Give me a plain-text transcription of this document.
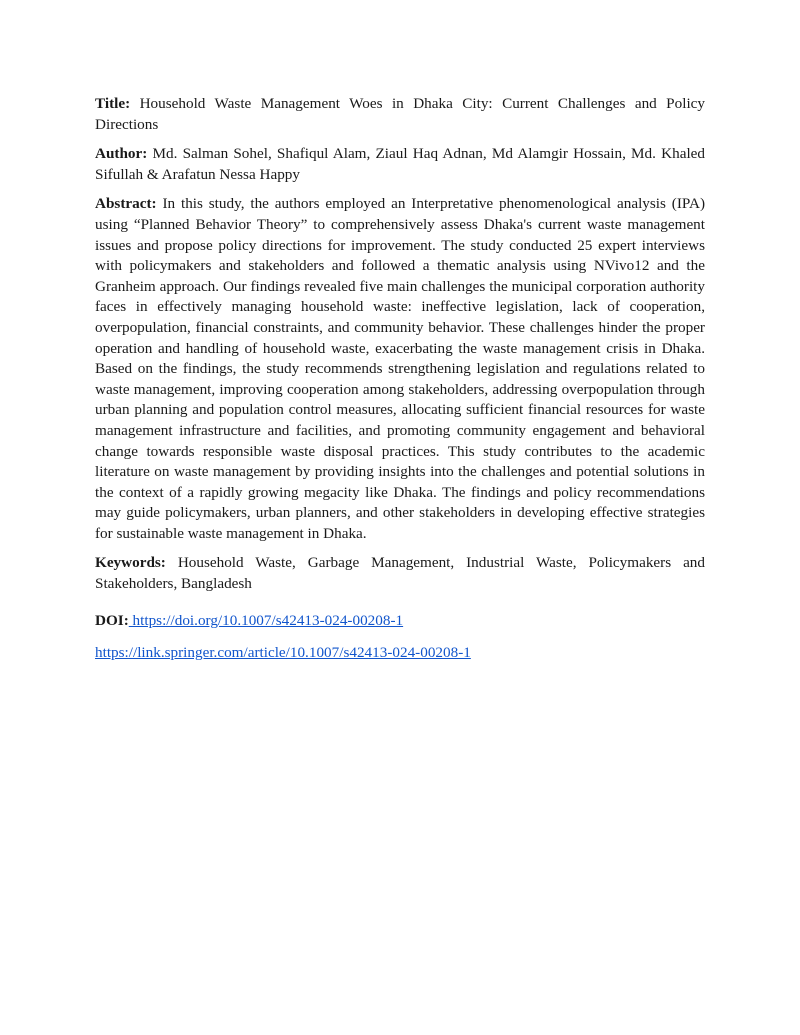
Title: Household Waste Management Woes in Dhaka City: Current Challenges and Policy Directions

Author: Md. Salman Sohel, Shafiqul Alam, Ziaul Haq Adnan, Md Alamgir Hossain, Md. Khaled Sifullah & Arafatun Nessa Happy

Abstract: In this study, the authors employed an Interpretative phenomenological analysis (IPA) using “Planned Behavior Theory” to comprehensively assess Dhaka's current waste management issues and propose policy directions for improvement. The study conducted 25 expert interviews with policymakers and stakeholders and followed a thematic analysis using NVivo12 and the Granheim approach. Our findings revealed five main challenges the municipal corporation authority faces in effectively managing household waste: ineffective legislation, lack of cooperation, overpopulation, financial constraints, and community behavior. These challenges hinder the proper operation and handling of household waste, exacerbating the waste management crisis in Dhaka. Based on the findings, the study recommends strengthening legislation and regulations related to waste management, improving cooperation among stakeholders, addressing overpopulation through urban planning and population control measures, allocating sufficient financial resources for waste management infrastructure and facilities, and promoting community engagement and behavioral change towards responsible waste disposal practices. This study contributes to the academic literature on waste management by providing insights into the challenges and potential solutions in the context of a rapidly growing megacity like Dhaka. The findings and policy recommendations may guide policymakers, urban planners, and other stakeholders in developing effective strategies for sustainable waste management in Dhaka.

Keywords: Household Waste, Garbage Management, Industrial Waste, Policymakers and Stakeholders, Bangladesh

DOI: https://doi.org/10.1007/s42413-024-00208-1

https://link.springer.com/article/10.1007/s42413-024-00208-1
